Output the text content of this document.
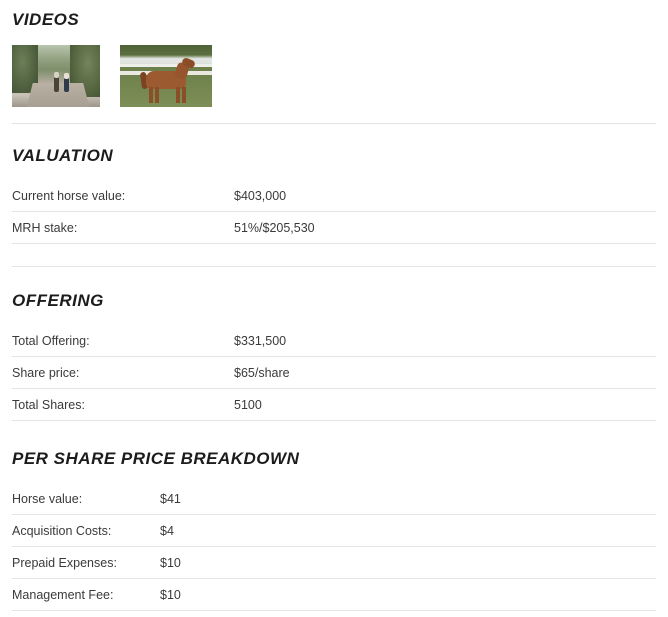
VIDEOS
VALUATION
Current horse value:	$403,000
MRH stake:	51%/$205,530

OFFERING
Total Offering:	$331,500
Share price:	$65/share
Total Shares:	5100
PER SHARE PRICE BREAKDOWN
Horse value:	$41
Acquisition Costs:	$4
Prepaid Expenses:	$10
Management Fee:	$10
